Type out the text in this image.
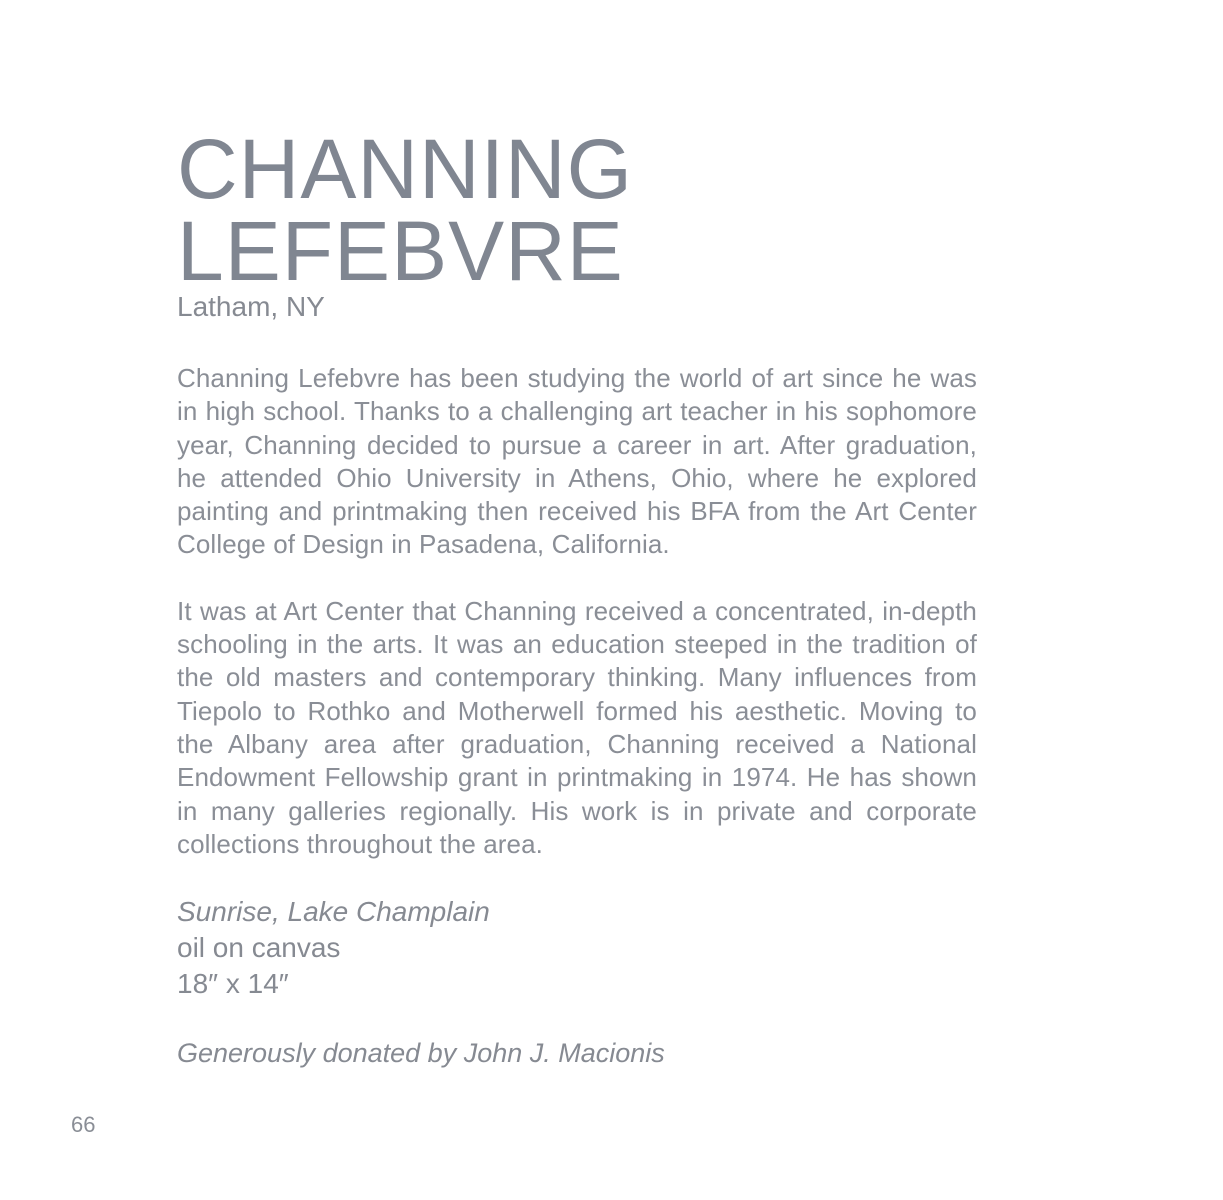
CHANNING
LEFEBVRE
Latham, NY

Channing Lefebvre has been studying the world of art since he was in high school. Thanks to a challenging art teacher in his sophomore year, Channing decided to pursue a career in art. After graduation, he attended Ohio University in Athens, Ohio, where he explored painting and printmaking then received his BFA from the Art Center College of Design in Pasadena, California.

It was at Art Center that Channing received a concentrated, in-depth schooling in the arts. It was an education steeped in the tradition of the old masters and contemporary thinking. Many influences from Tiepolo to Rothko and Motherwell formed his aesthetic. Moving to the Albany area after graduation, Channing received a National Endowment Fellowship grant in printmaking in 1974. He has shown in many galleries regionally. His work is in private and corporate collections throughout the area.

Sunrise, Lake Champlain
oil on canvas
18″ x 14″
Generously donated by John J. Macionis
66
